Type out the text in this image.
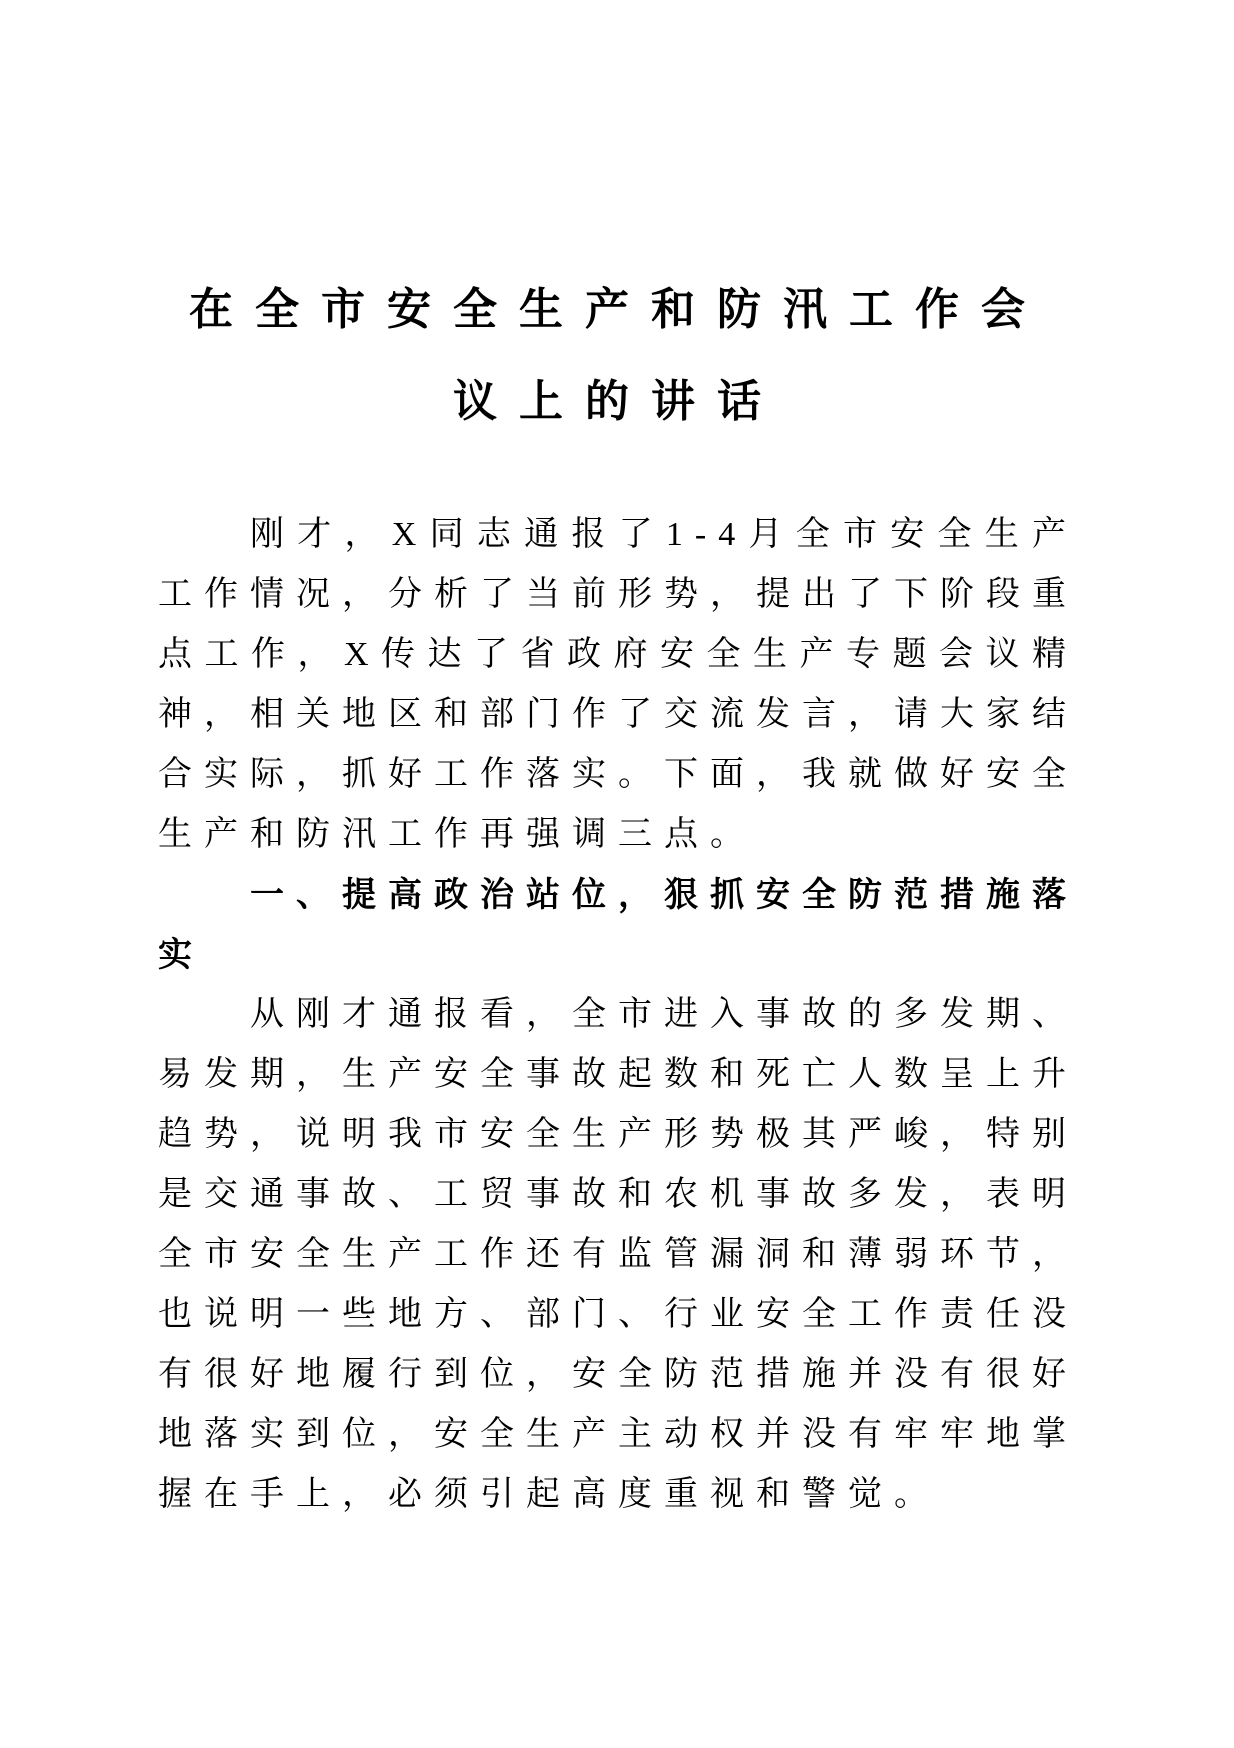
在全市安全生产和防汛工作会议上的讲话

刚才，X同志通报了1-4月全市安全生产工作情况，分析了当前形势，提出了下阶段重点工作，X传达了省政府安全生产专题会议精神，相关地区和部门作了交流发言，请大家结合实际，抓好工作落实。下面，我就做好安全生产和防汛工作再强调三点。

一、提高政治站位，狠抓安全防范措施落实

从刚才通报看，全市进入事故的多发期、易发期，生产安全事故起数和死亡人数呈上升趋势，说明我市安全生产形势极其严峻，特别是交通事故、工贸事故和农机事故多发，表明全市安全生产工作还有监管漏洞和薄弱环节，也说明一些地方、部门、行业安全工作责任没有很好地履行到位，安全防范措施并没有很好地落实到位，安全生产主动权并没有牢牢地掌握在手上，必须引起高度重视和警觉。
